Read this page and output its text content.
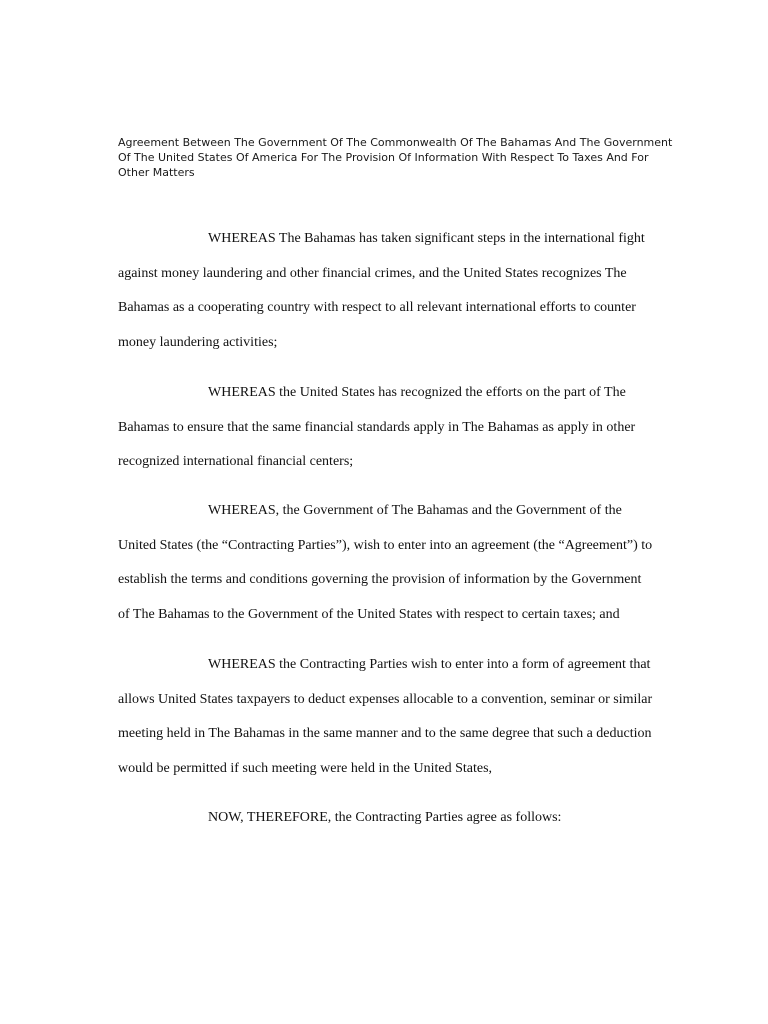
Agreement Between The Government Of The Commonwealth Of The Bahamas And The Government
Of The United States Of America For The Provision Of Information With Respect To Taxes And For
Other Matters

WHEREAS The Bahamas has taken significant steps in the international fight
against money laundering and other financial crimes, and the United States recognizes The
Bahamas as a cooperating country with respect to all relevant international efforts to counter
money laundering activities;

WHEREAS the United States has recognized the efforts on the part of The
Bahamas to ensure that the same financial standards apply in The Bahamas as apply in other
recognized international financial centers;

WHEREAS, the Government of The Bahamas and the Government of the
United States (the “Contracting Parties”), wish to enter into an agreement (the “Agreement”) to
establish the terms and conditions governing the provision of information by the Government
of The Bahamas to the Government of the United States with respect to certain taxes; and

WHEREAS the Contracting Parties wish to enter into a form of agreement that
allows United States taxpayers to deduct expenses allocable to a convention, seminar or similar
meeting held in The Bahamas in the same manner and to the same degree that such a deduction
would be permitted if such meeting were held in the United States,

NOW, THEREFORE, the Contracting Parties agree as follows:
